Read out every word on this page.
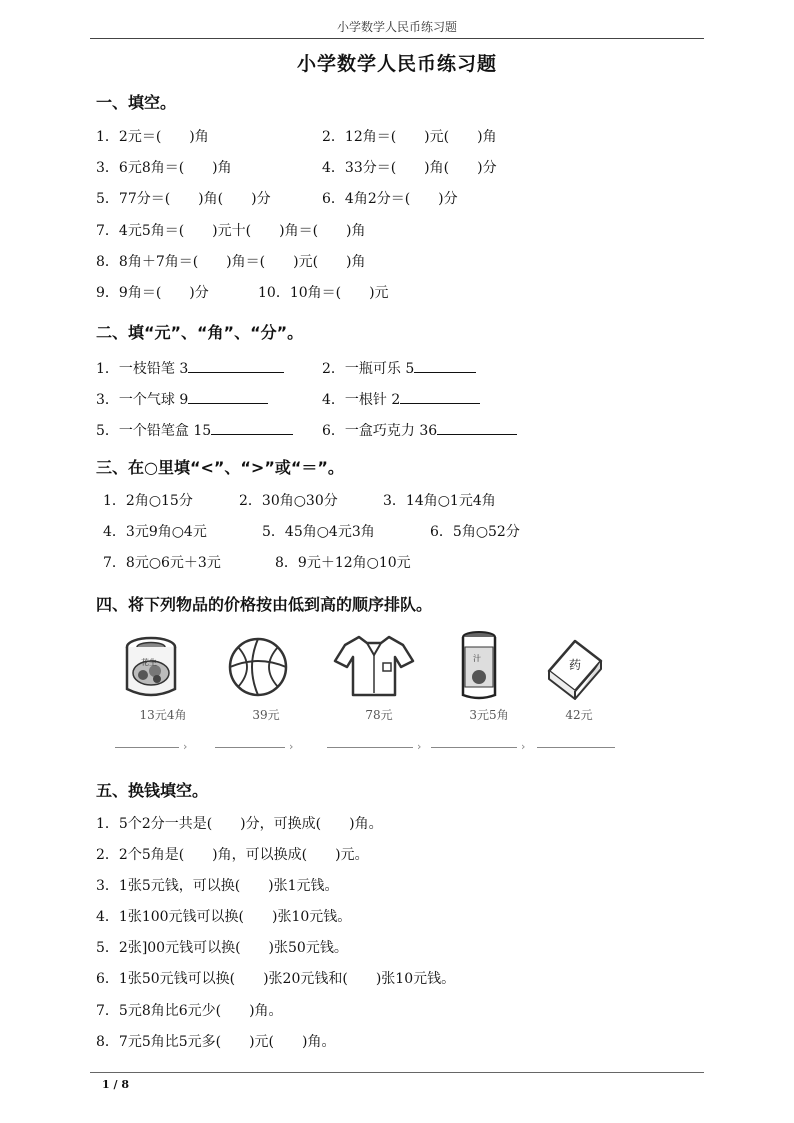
小学数学人民币练习题
小学数学人民币练习题
一、填空。
1．2元＝(　　)角	2．12角＝(　　)元(　　)角
3．6元8角＝(　　)角	4．33分＝(　　)角(　　)分
5．77分＝(　　)角(　　)分	6．4角2分＝(　　)分
7．4元5角＝(　　)元十(　　)角＝(　　)角
8．8角＋7角＝(　　)角＝(　　)元(　　)角
9．9角＝(　　)分	10．10角＝(　　)元
二、填“元”、“角”、“分”。
1．一枝铅笔 3	2．一瓶可乐 5
3．一个气球 9	4．一根针 2
5．一个铅笔盒 15	6．一盒巧克力 36
三、在○里填“<”、“>”或“＝”。
1．2角○15分	2．30角○30分	3．14角○1元4角
4．3元9角○4元	5．45角○4元3角	6．5角○52分
7．8元○6元＋3元	8．9元＋12角○10元
四、将下列物品的价格按由低到高的顺序排队。
花生
13元4角	39元	78元
汁
3元5角
药
42元
›	›	›	›
五、换钱填空。
1．5个2分一共是(　　)分，可换成(　　)角。
2．2个5角是(　　)角，可以换成(　　)元。
3．1张5元钱，可以换(　　)张1元钱。
4．1张100元钱可以换(　　)张10元钱。
5．2张]00元钱可以换(　　)张50元钱。
6．1张50元钱可以换(　　)张20元钱和(　　)张10元钱。
7．5元8角比6元少(　　)角。
8．7元5角比5元多(　　)元(　　)角。
1 / 8
